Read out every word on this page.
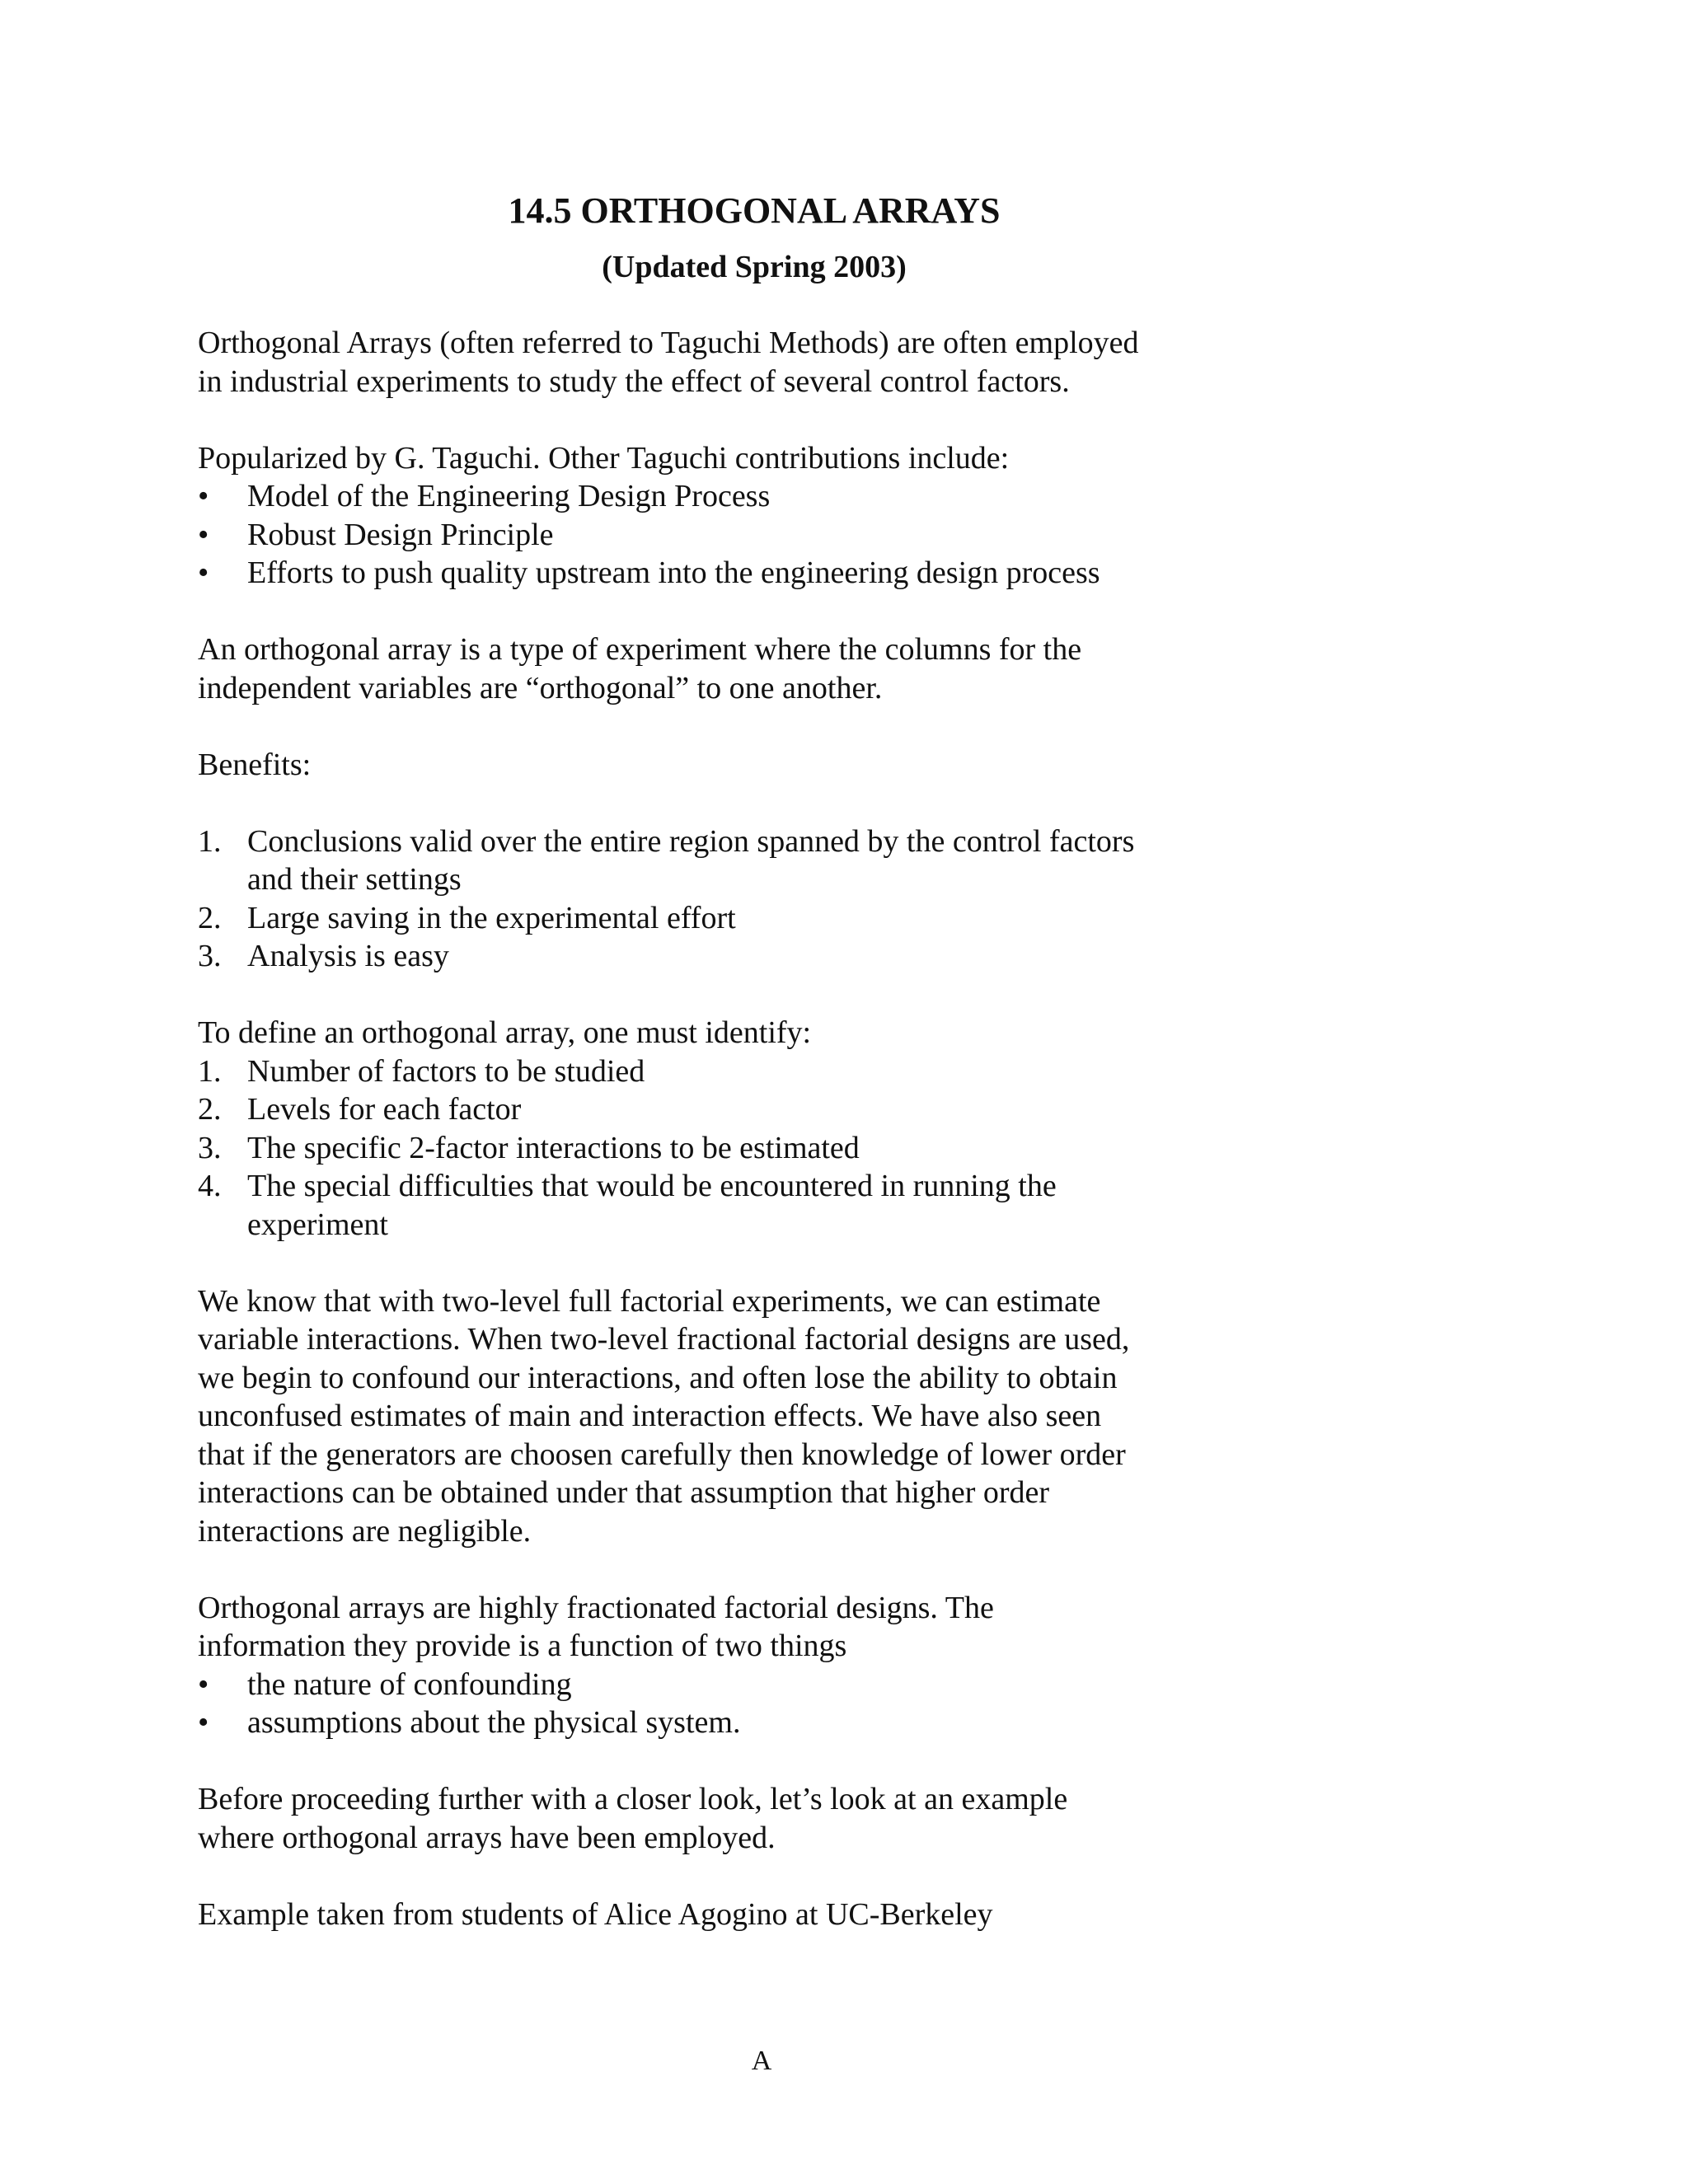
14.5 ORTHOGONAL ARRAYS
(Updated Spring 2003)

Orthogonal Arrays (often referred to Taguchi Methods) are often employed
in industrial experiments to study the effect of several control factors.

Popularized by G. Taguchi. Other Taguchi contributions include:

• Model of the Engineering Design Process
• Robust Design Principle
• Efforts to push quality upstream into the engineering design process

An orthogonal array is a type of experiment where the columns for the
independent variables are “orthogonal” to one another.

Benefits:

1. Conclusions valid over the entire region spanned by the control factors
and their settings
2. Large saving in the experimental effort
3. Analysis is easy

To define an orthogonal array, one must identify:

1. Number of factors to be studied
2. Levels for each factor
3. The specific 2-factor interactions to be estimated
4. The special difficulties that would be encountered in running the
experiment

We know that with two-level full factorial experiments, we can estimate
variable interactions. When two-level fractional factorial designs are used,
we begin to confound our interactions, and often lose the ability to obtain
unconfused estimates of main and interaction effects. We have also seen
that if the generators are choosen carefully then knowledge of lower order
interactions can be obtained under that assumption that higher order
interactions are negligible.

Orthogonal arrays are highly fractionated factorial designs. The
information they provide is a function of two things

• the nature of confounding
• assumptions about the physical system.

Before proceeding further with a closer look, let’s look at an example
where orthogonal arrays have been employed.

Example taken from students of Alice Agogino at UC-Berkeley

A
